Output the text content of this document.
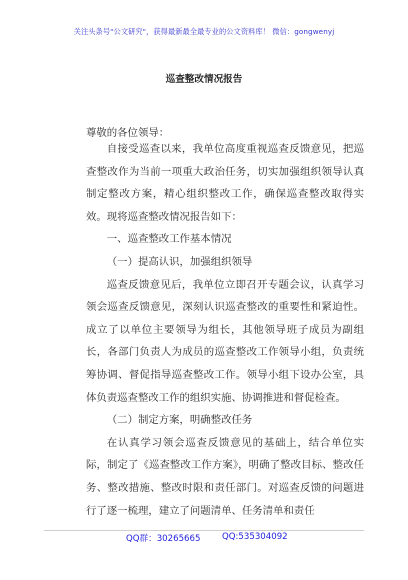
关注头条号"公文研究"，获得最新最全最专业的公文资料库！ 微信：gongwenyj
巡查整改情况报告
尊敬的各位领导：

自接受巡查以来，我单位高度重视巡查反馈意见，把巡查整改作为当前一项重大政治任务，切实加强组织领导认真制定整改方案，精心组织整改工作，确保巡查整改取得实效。现将巡查整改情况报告如下：

一、巡查整改工作基本情况

（一）提高认识，加强组织领导

巡查反馈意见后，我单位立即召开专题会议，认真学习领会巡查反馈意见，深刻认识巡查整改的重要性和紧迫性。成立了以单位主要领导为组长，其他领导班子成员为副组长，各部门负责人为成员的巡查整改工作领导小组，负责统筹协调、督促指导巡查整改工作。领导小组下设办公室，具体负责巡查整改工作的组织实施、协调推进和督促检查。

（二）制定方案，明确整改任务

在认真学习领会巡查反馈意见的基础上，结合单位实际，制定了《巡查整改工作方案》，明确了整改目标、整改任务、整改措施、整改时限和责任部门。对巡查反馈的问题进行了逐一梳理，建立了问题清单、任务清单和责任

QQ群：30265665	QQ:535304092
